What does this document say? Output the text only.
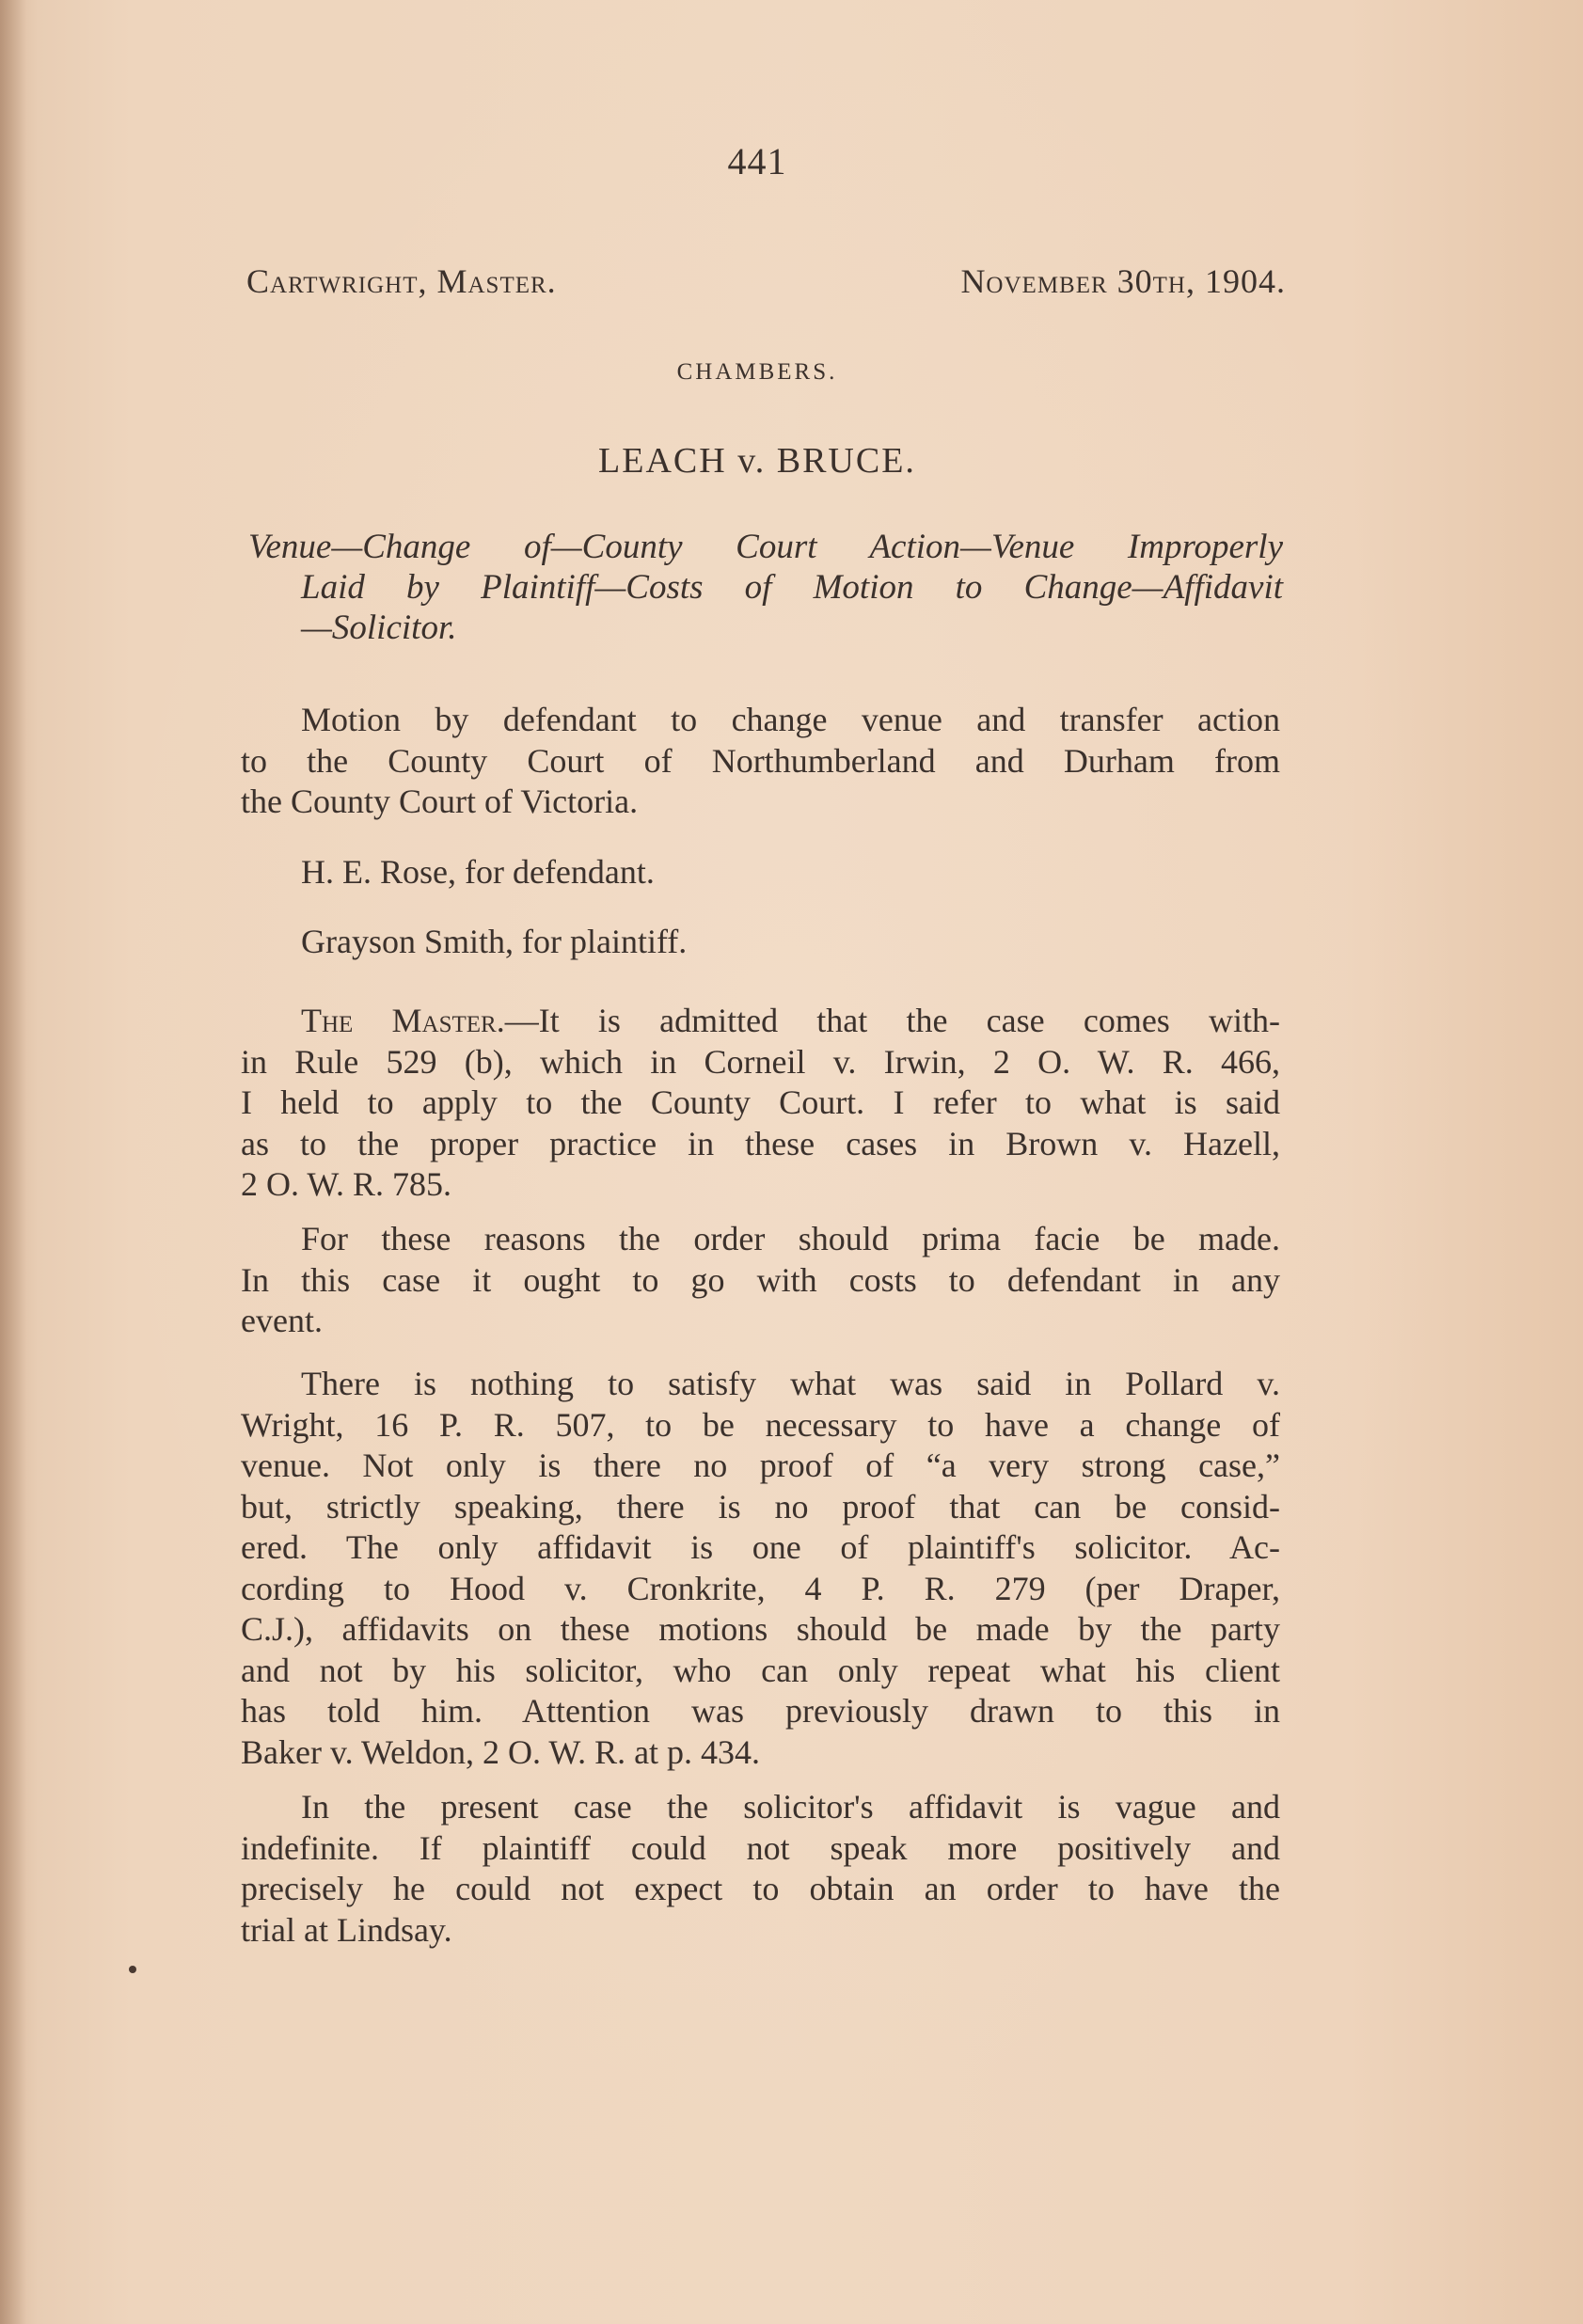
441
Cartwright, Master.	November 30th, 1904.
CHAMBERS.
LEACH v. BRUCE.
Venue—Change of—County Court Action—Venue Improperly
Laid by Plaintiff—Costs of Motion to Change—Affidavit
—Solicitor.
Motion by defendant to change venue and transfer action
to the County Court of Northumberland and Durham from
the County Court of Victoria.
H. E. Rose, for defendant.
Grayson Smith, for plaintiff.
The Master.—It is admitted that the case comes with-
in Rule 529 (b), which in Corneil v. Irwin, 2 O. W. R. 466,
I held to apply to the County Court. I refer to what is said
as to the proper practice in these cases in Brown v. Hazell,
2 O. W. R. 785.
For these reasons the order should prima facie be made.
In this case it ought to go with costs to defendant in any
event.
There is nothing to satisfy what was said in Pollard v.
Wright, 16 P. R. 507, to be necessary to have a change of
venue. Not only is there no proof of “a very strong case,”
but, strictly speaking, there is no proof that can be consid-
ered. The only affidavit is one of plaintiff's solicitor. Ac-
cording to Hood v. Cronkrite, 4 P. R. 279 (per Draper,
C.J.), affidavits on these motions should be made by the party
and not by his solicitor, who can only repeat what his client
has told him. Attention was previously drawn to this in
Baker v. Weldon, 2 O. W. R. at p. 434.
In the present case the solicitor's affidavit is vague and
indefinite. If plaintiff could not speak more positively and
precisely he could not expect to obtain an order to have the
trial at Lindsay.
